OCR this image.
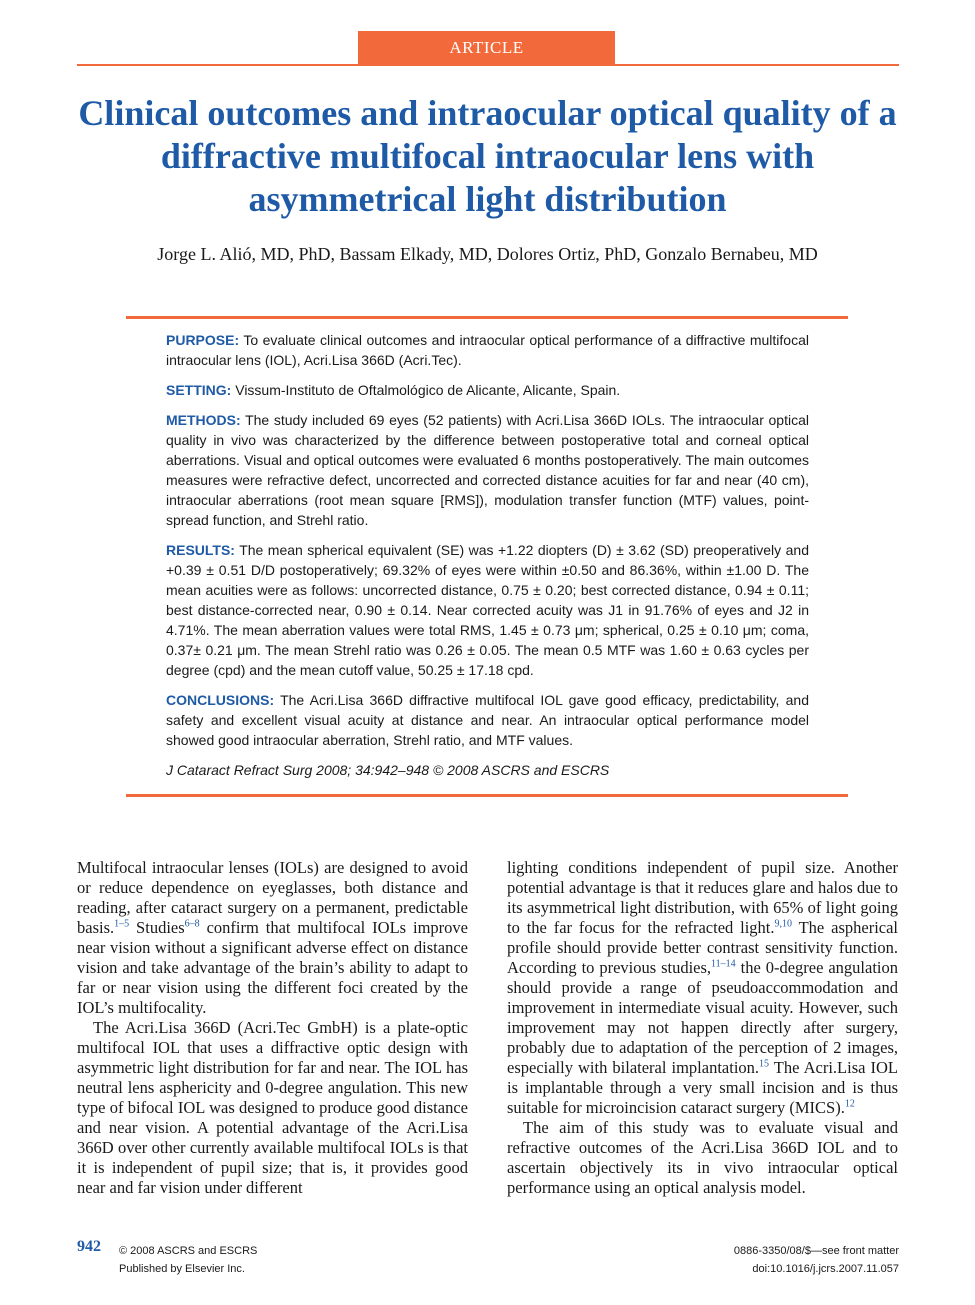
ARTICLE
Clinical outcomes and intraocular optical quality of a diffractive multifocal intraocular lens with asymmetrical light distribution
Jorge L. Alió, MD, PhD, Bassam Elkady, MD, Dolores Ortiz, PhD, Gonzalo Bernabeu, MD

PURPOSE: To evaluate clinical outcomes and intraocular optical performance of a diffractive multifocal intraocular lens (IOL), Acri.Lisa 366D (Acri.Tec).

SETTING: Vissum-Instituto de Oftalmológico de Alicante, Alicante, Spain.

METHODS: The study included 69 eyes (52 patients) with Acri.Lisa 366D IOLs. The intraocular optical quality in vivo was characterized by the difference between postoperative total and corneal optical aberrations. Visual and optical outcomes were evaluated 6 months postoperatively. The main outcomes measures were refractive defect, uncorrected and corrected distance acuities for far and near (40 cm), intraocular aberrations (root mean square [RMS]), modulation transfer function (MTF) values, point-spread function, and Strehl ratio.

RESULTS: The mean spherical equivalent (SE) was +1.22 diopters (D) ± 3.62 (SD) preoperatively and +0.39 ± 0.51 D/D postoperatively; 69.32% of eyes were within ±0.50 and 86.36%, within ±1.00 D. The mean acuities were as follows: uncorrected distance, 0.75 ± 0.20; best corrected distance, 0.94 ± 0.11; best distance-corrected near, 0.90 ± 0.14. Near corrected acuity was J1 in 91.76% of eyes and J2 in 4.71%. The mean aberration values were total RMS, 1.45 ± 0.73 μm; spherical, 0.25 ± 0.10 μm; coma, 0.37± 0.21 μm. The mean Strehl ratio was 0.26 ± 0.05. The mean 0.5 MTF was 1.60 ± 0.63 cycles per degree (cpd) and the mean cutoff value, 50.25 ± 17.18 cpd.

CONCLUSIONS: The Acri.Lisa 366D diffractive multifocal IOL gave good efficacy, predictability, and safety and excellent visual acuity at distance and near. An intraocular optical performance model showed good intraocular aberration, Strehl ratio, and MTF values.

J Cataract Refract Surg 2008; 34:942–948 © 2008 ASCRS and ESCRS

Multifocal intraocular lenses (IOLs) are designed to avoid or reduce dependence on eyeglasses, both distance and reading, after cataract surgery on a permanent, predictable basis.$^{1-5}$ Studies$^{6-8}$ confirm that multifocal IOLs improve near vision without a significant adverse effect on distance vision and take advantage of the brain’s ability to adapt to far or near vision using the different foci created by the IOL’s multifocality.

The Acri.Lisa 366D (Acri.Tec GmbH) is a plate-optic multifocal IOL that uses a diffractive optic design with asymmetric light distribution for far and near. The IOL has neutral lens asphericity and 0-degree angulation. This new type of bifocal IOL was designed to produce good distance and near vision. A potential advantage of the Acri.Lisa 366D over other currently available multifocal IOLs is that it is independent of pupil size; that is, it provides good near and far vision under different

lighting conditions independent of pupil size. Another potential advantage is that it reduces glare and halos due to its asymmetrical light distribution, with 65% of light going to the far focus for the refracted light.$^{9,10}$ The aspherical profile should provide better contrast sensitivity function. According to previous studies,$^{11-14}$ the 0-degree angulation should provide a range of pseudoaccommodation and improvement in intermediate visual acuity. However, such improvement may not happen directly after surgery, probably due to adaptation of the perception of 2 images, especially with bilateral implantation.$^{15}$ The Acri.Lisa IOL is implantable through a very small incision and is thus suitable for microincision cataract surgery (MICS).$^{12}$

The aim of this study was to evaluate visual and refractive outcomes of the Acri.Lisa 366D IOL and to ascertain objectively its in vivo intraocular optical performance using an optical analysis model.

942 © 2008 ASCRS and ESCRS
Published by Elsevier Inc.
0886-3350/08/$—see front matter
doi:10.1016/j.jcrs.2007.11.057
